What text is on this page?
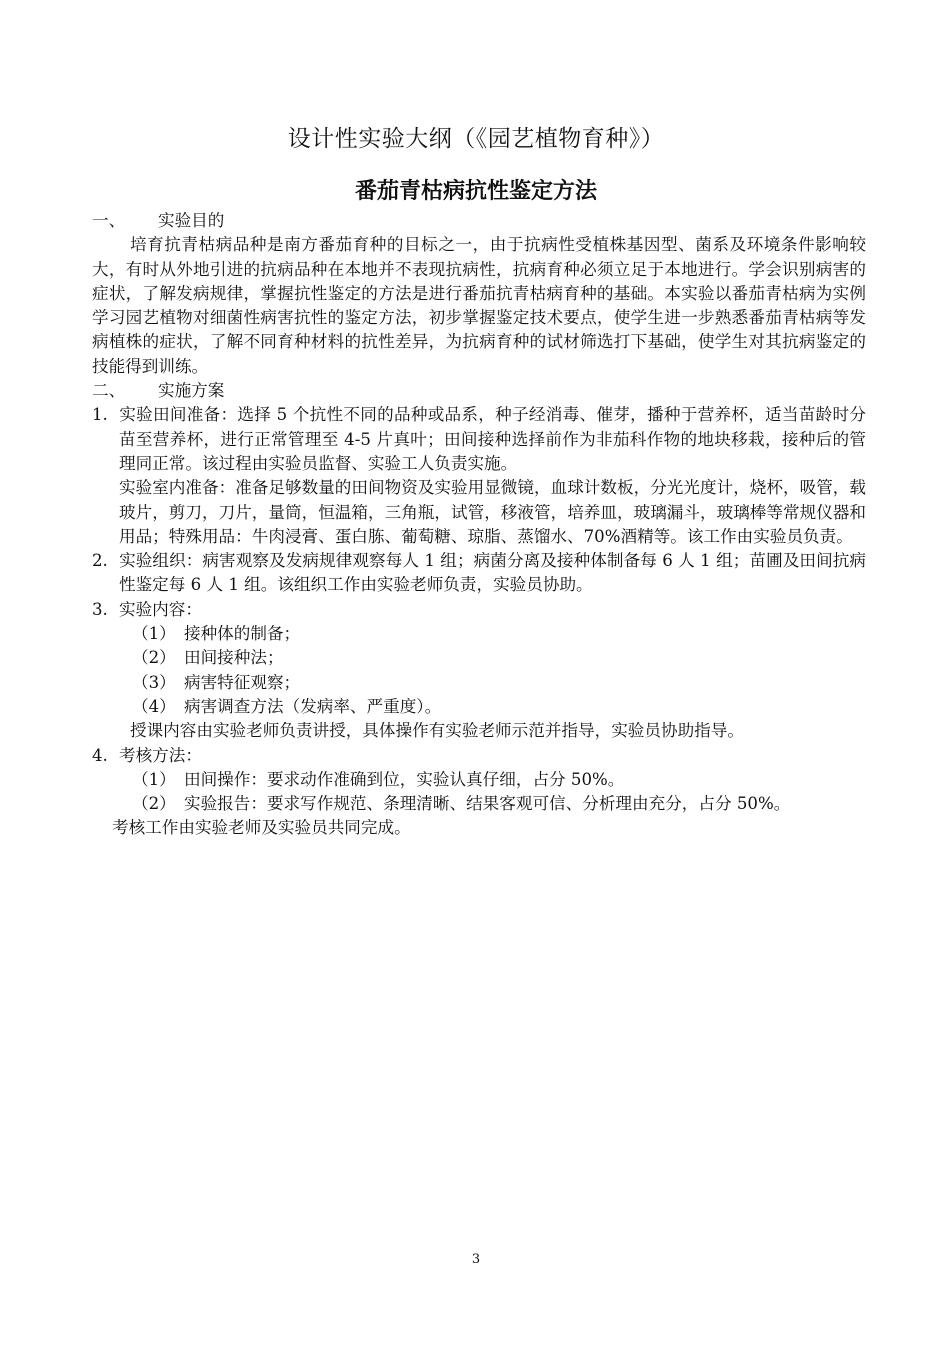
设计性实验大纲（《园艺植物育种》）
番茄青枯病抗性鉴定方法

一、	实验目的

培育抗青枯病品种是南方番茄育种的目标之一，由于抗病性受植株基因型、菌系及环境条件影响较大，有时从外地引进的抗病品种在本地并不表现抗病性，抗病育种必须立足于本地进行。学会识别病害的症状，了解发病规律，掌握抗性鉴定的方法是进行番茄抗青枯病育种的基础。本实验以番茄青枯病为实例学习园艺植物对细菌性病害抗性的鉴定方法，初步掌握鉴定技术要点，使学生进一步熟悉番茄青枯病等发病植株的症状，了解不同育种材料的抗性差异，为抗病育种的试材筛选打下基础，使学生对其抗病鉴定的技能得到训练。

二、	实施方案

1. 实验田间准备：选择 5 个抗性不同的品种或品系，种子经消毒、催芽，播种于营养杯，适当苗龄时分苗至营养杯，进行正常管理至 4-5 片真叶；田间接种选择前作为非茄科作物的地块移栽，接种后的管理同正常。该过程由实验员监督、实验工人负责实施。

实验室内准备：准备足够数量的田间物资及实验用显微镜，血球计数板，分光光度计，烧杯，吸管，载玻片，剪刀，刀片，量筒，恒温箱，三角瓶，试管，移液管，培养皿，玻璃漏斗，玻璃棒等常规仪器和用品；特殊用品：牛肉浸膏、蛋白胨、葡萄糖、琼脂、蒸馏水、70%酒精等。该工作由实验员负责。

2. 实验组织：病害观察及发病规律观察每人 1 组；病菌分离及接种体制备每 6 人 1 组；苗圃及田间抗病性鉴定每 6 人 1 组。该组织工作由实验老师负责，实验员协助。

3. 实验内容：

（1） 接种体的制备；

（2） 田间接种法；

（3） 病害特征观察；

（4） 病害调查方法（发病率、严重度）。

授课内容由实验老师负责讲授，具体操作有实验老师示范并指导，实验员协助指导。

4. 考核方法：

（1） 田间操作：要求动作准确到位，实验认真仔细，占分 50%。

（2） 实验报告：要求写作规范、条理清晰、结果客观可信、分析理由充分，占分 50%。

考核工作由实验老师及实验员共同完成。

3
